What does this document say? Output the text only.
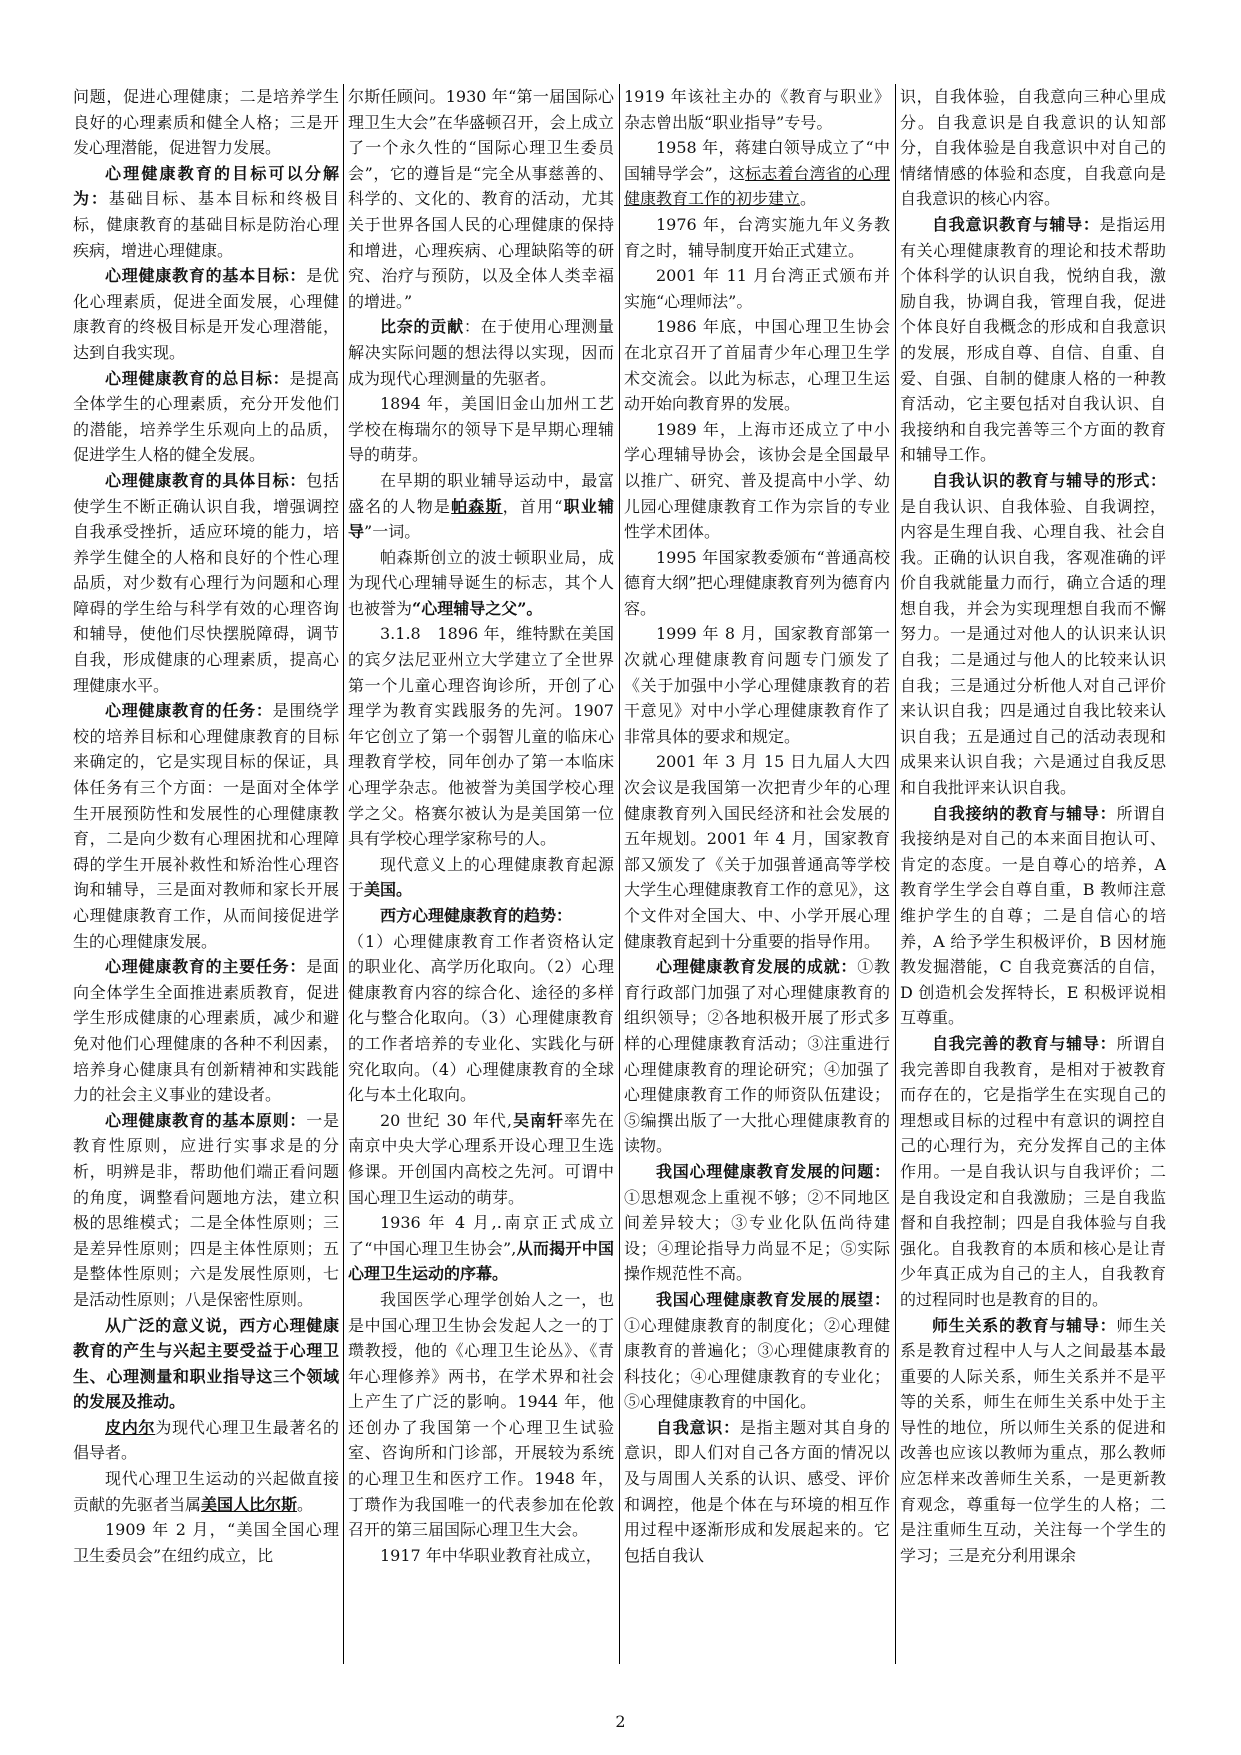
问题，促进心理健康；二是培养学生良好的心理素质和健全人格；三是开发心理潜能，促进智力发展。

心理健康教育的目标可以分解为：基础目标、基本目标和终极目标，健康教育的基础目标是防治心理疾病，增进心理健康。

心理健康教育的基本目标：是优化心理素质，促进全面发展，心理健康教育的终极目标是开发心理潜能，达到自我实现。

心理健康教育的总目标：是提高全体学生的心理素质，充分开发他们的潜能，培养学生乐观向上的品质，促进学生人格的健全发展。

心理健康教育的具体目标：包括使学生不断正确认识自我，增强调控自我承受挫折，适应环境的能力，培养学生健全的人格和良好的个性心理品质，对少数有心理行为问题和心理障碍的学生给与科学有效的心理咨询和辅导，使他们尽快摆脱障碍，调节自我，形成健康的心理素质，提高心理健康水平。

心理健康教育的任务：是围绕学校的培养目标和心理健康教育的目标来确定的，它是实现目标的保证，具体任务有三个方面：一是面对全体学生开展预防性和发展性的心理健康教育，二是向少数有心理困扰和心理障碍的学生开展补救性和矫治性心理咨询和辅导，三是面对教师和家长开展心理健康教育工作，从而间接促进学生的心理健康发展。

心理健康教育的主要任务：是面向全体学生全面推进素质教育，促进学生形成健康的心理素质，减少和避免对他们心理健康的各种不利因素，培养身心健康具有创新精神和实践能力的社会主义事业的建设者。

心理健康教育的基本原则：一是教育性原则，应进行实事求是的分析，明辨是非，帮助他们端正看问题的角度，调整看问题地方法，建立积极的思维模式；二是全体性原则；三是差异性原则；四是主体性原则；五是整体性原则；六是发展性原则，七是活动性原则；八是保密性原则。

从广泛的意义说，西方心理健康教育的产生与兴起主要受益于心理卫生、心理测量和职业指导这三个领域的发展及推动。

皮内尔为现代心理卫生最著名的倡导者。

现代心理卫生运动的兴起做直接贡献的先驱者当属美国人比尔斯。

1909 年 2 月，“美国全国心理卫生委员会”在纽约成立，比

尔斯任顾问。1930 年“第一届国际心理卫生大会”在华盛顿召开，会上成立了一个永久性的“国际心理卫生委员会”，它的遵旨是“完全从事慈善的、科学的、文化的、教育的活动，尤其关于世界各国人民的心理健康的保持和增进，心理疾病、心理缺陷等的研究、治疗与预防，以及全体人类幸福的增进。”

比奈的贡献：在于使用心理测量解决实际问题的想法得以实现，因而成为现代心理测量的先驱者。

1894 年，美国旧金山加州工艺学校在梅瑞尔的领导下是早期心理辅导的萌芽。

在早期的职业辅导运动中，最富盛名的人物是帕森斯，首用“职业辅导”一词。

帕森斯创立的波士顿职业局，成为现代心理辅导诞生的标志，其个人也被誉为“心理辅导之父”。

3.1.8　1896 年，维特默在美国的宾夕法尼亚州立大学建立了全世界第一个儿童心理咨询诊所，开创了心理学为教育实践服务的先河。1907 年它创立了第一个弱智儿童的临床心理教育学校，同年创办了第一本临床心理学杂志。他被誉为美国学校心理学之父。格赛尔被认为是美国第一位具有学校心理学家称号的人。

现代意义上的心理健康教育起源于美国。

西方心理健康教育的趋势：

（1）心理健康教育工作者资格认定的职业化、高学历化取向。（2）心理健康教育内容的综合化、途径的多样化与整合化取向。（3）心理健康教育的工作者培养的专业化、实践化与研究化取向。（4）心理健康教育的全球化与本土化取向。

20 世纪 30 年代,吴南轩率先在南京中央大学心理系开设心理卫生选修课。开创国内高校之先河。可谓中国心理卫生运动的萌芽。

1936 年 4 月,.南京正式成立了“中国心理卫生协会”,从而揭开中国心理卫生运动的序幕。

我国医学心理学创始人之一，也是中国心理卫生协会发起人之一的丁瓒教授，他的《心理卫生论丛》、《青年心理修养》两书，在学术界和社会上产生了广泛的影响。1944 年，他还创办了我国第一个心理卫生试验室、咨询所和门诊部，开展较为系统的心理卫生和医疗工作。1948 年，丁瓒作为我国唯一的代表参加在伦敦召开的第三届国际心理卫生大会。

1917 年中华职业教育社成立，

1919 年该社主办的《教育与职业》杂志曾出版“职业指导”专号。

1958 年，蒋建白领导成立了“中国辅导学会”，这标志着台湾省的心理健康教育工作的初步建立。

1976 年，台湾实施九年义务教育之时，辅导制度开始正式建立。

2001 年 11 月台湾正式颁布并实施“心理师法”。

1986 年底，中国心理卫生协会在北京召开了首届青少年心理卫生学术交流会。以此为标志，心理卫生运动开始向教育界的发展。

1989 年，上海市还成立了中小学心理辅导协会，该协会是全国最早以推广、研究、普及提高中小学、幼儿园心理健康教育工作为宗旨的专业性学术团体。

1995 年国家教委颁布“普通高校德育大纲”把心理健康教育列为德育内容。

1999 年 8 月，国家教育部第一次就心理健康教育问题专门颁发了《关于加强中小学心理健康教育的若干意见》对中小学心理健康教育作了非常具体的要求和规定。

2001 年 3 月 15 日九届人大四次会议是我国第一次把青少年的心理健康教育列入国民经济和社会发展的五年规划。2001 年 4 月，国家教育部又颁发了《关于加强普通高等学校大学生心理健康教育工作的意见》，这个文件对全国大、中、小学开展心理健康教育起到十分重要的指导作用。

心理健康教育发展的成就：①教育行政部门加强了对心理健康教育的组织领导；②各地积极开展了形式多样的心理健康教育活动；③注重进行心理健康教育的理论研究；④加强了心理健康教育工作的师资队伍建设；⑤编撰出版了一大批心理健康教育的读物。

我国心理健康教育发展的问题：①思想观念上重视不够；②不同地区间差异较大；③专业化队伍尚待建设；④理论指导力尚显不足；⑤实际操作规范性不高。

我国心理健康教育发展的展望：①心理健康教育的制度化；②心理健康教育的普遍化；③心理健康教育的科技化；④心理健康教育的专业化；⑤心理健康教育的中国化。

自我意识：是指主题对其自身的意识，即人们对自己各方面的情况以及与周围人关系的认识、感受、评价和调控，他是个体在与环境的相互作用过程中逐渐形成和发展起来的。它包括自我认

识，自我体验，自我意向三种心里成分。自我意识是自我意识的认知部分，自我体验是自我意识中对自己的情绪情感的体验和态度，自我意向是自我意识的核心内容。

自我意识教育与辅导：是指运用有关心理健康教育的理论和技术帮助个体科学的认识自我，悦纳自我，激励自我，协调自我，管理自我，促进个体良好自我概念的形成和自我意识的发展，形成自尊、自信、自重、自爱、自强、自制的健康人格的一种教育活动，它主要包括对自我认识、自我接纳和自我完善等三个方面的教育和辅导工作。

自我认识的教育与辅导的形式：是自我认识、自我体验、自我调控，内容是生理自我、心理自我、社会自我。正确的认识自我，客观准确的评价自我就能量力而行，确立合适的理想自我，并会为实现理想自我而不懈努力。一是通过对他人的认识来认识自我；二是通过与他人的比较来认识自我；三是通过分析他人对自己评价来认识自我；四是通过自我比较来认识自我；五是通过自己的活动表现和成果来认识自我；六是通过自我反思和自我批评来认识自我。

自我接纳的教育与辅导：所谓自我接纳是对自己的本来面目抱认可、肯定的态度。一是自尊心的培养，A 教育学生学会自尊自重，B 教师注意维护学生的自尊；二是自信心的培养，A 给予学生积极评价，B 因材施教发掘潜能，C 自我竞赛活的自信，D 创造机会发挥特长，E 积极评说相互尊重。

自我完善的教育与辅导：所谓自我完善即自我教育，是相对于被教育而存在的，它是指学生在实现自己的理想或目标的过程中有意识的调控自己的心理行为，充分发挥自己的主体作用。一是自我认识与自我评价；二是自我设定和自我激励；三是自我监督和自我控制；四是自我体验与自我强化。自我教育的本质和核心是让青少年真正成为自己的主人，自我教育的过程同时也是教育的目的。

师生关系的教育与辅导：师生关系是教育过程中人与人之间最基本最重要的人际关系，师生关系并不是平等的关系，师生在师生关系中处于主导性的地位，所以师生关系的促进和改善也应该以教师为重点，那么教师应怎样来改善师生关系，一是更新教育观念，尊重每一位学生的人格；二是注重师生互动，关注每一个学生的学习；三是充分利用课余

2
